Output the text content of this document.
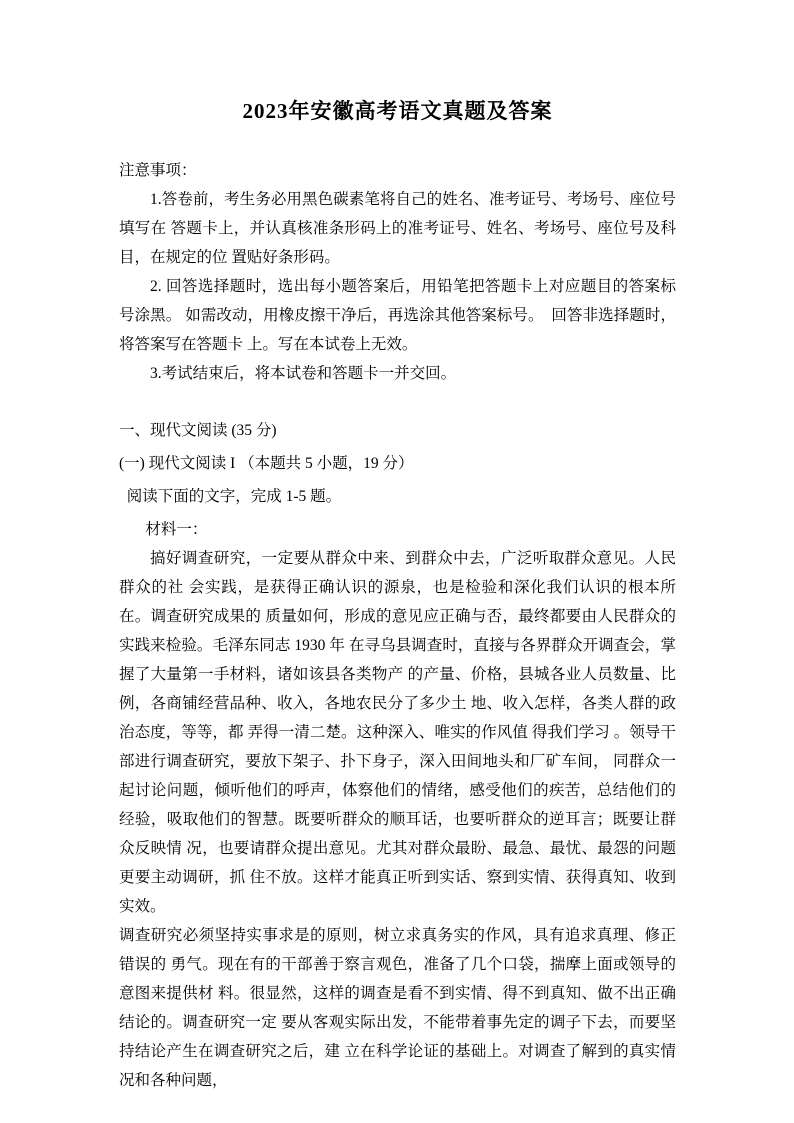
2023年安徽高考语文真题及答案

注意事项：

1.答卷前，考生务必用黑色碳素笔将自己的姓名、准考证号、考场号、座位号填写在 答题卡上，并认真核准条形码上的准考证号、姓名、考场号、座位号及科目，在规定的位 置贴好条形码。

2. 回答选择题时，选出每小题答案后，用铅笔把答题卡上对应题目的答案标号涂黑。 如需改动，用橡皮擦干净后，再选涂其他答案标号。　回答非选择题时，将答案写在答题卡 上。写在本试卷上无效。

3.考试结束后，将本试卷和答题卡一并交回。

一、现代文阅读 (35 分)

(一) 现代文阅读 I （本题共 5 小题，19 分）

阅读下面的文字，完成 1-5 题。

材料一：

搞好调查研究，一定要从群众中来、到群众中去，广泛听取群众意见。人民群众的社 会实践，是获得正确认识的源泉，也是检验和深化我们认识的根本所在。调查研究成果的 质量如何，形成的意见应正确与否，最终都要由人民群众的实践来检验。毛泽东同志 1930 年 在寻乌县调查时，直接与各界群众开调查会，掌握了大量第一手材料，诸如该县各类物产 的产量、价格，县城各业人员数量、比例，各商铺经营品种、收入，各地农民分了多少土 地、收入怎样，各类人群的政 治态度，等等，都 弄得一清二楚。这种深入、唯实的作风值 得我们学习 。领导干部进行调查研究，要放下架子、扑下身子，深入田间地头和厂矿车间， 同群众一起讨论问题，倾听他们的呼声，体察他们的情绪，感受他们的疾苦，总结他们的 经验，吸取他们的智慧。既要听群众的顺耳话，也要听群众的逆耳言；既要让群众反映情 况，也要请群众提出意见。尤其对群众最盼、最急、最忧、最怨的问题更要主动调研，抓 住不放。这样才能真正听到实话、察到实情、获得真知、收到实效。

调查研究必须坚持实事求是的原则，树立求真务实的作风，具有追求真理、修正错误的 勇气。现在有的干部善于察言观色，准备了几个口袋，揣摩上面或领导的意图来提供材 料。很显然，这样的调查是看不到实情、得不到真知、做不出正确结论的。调查研究一定 要从客观实际出发，不能带着事先定的调子下去，而要坚持结论产生在调查研究之后，建 立在科学论证的基础上。对调查了解到的真实情况和各种问题，
